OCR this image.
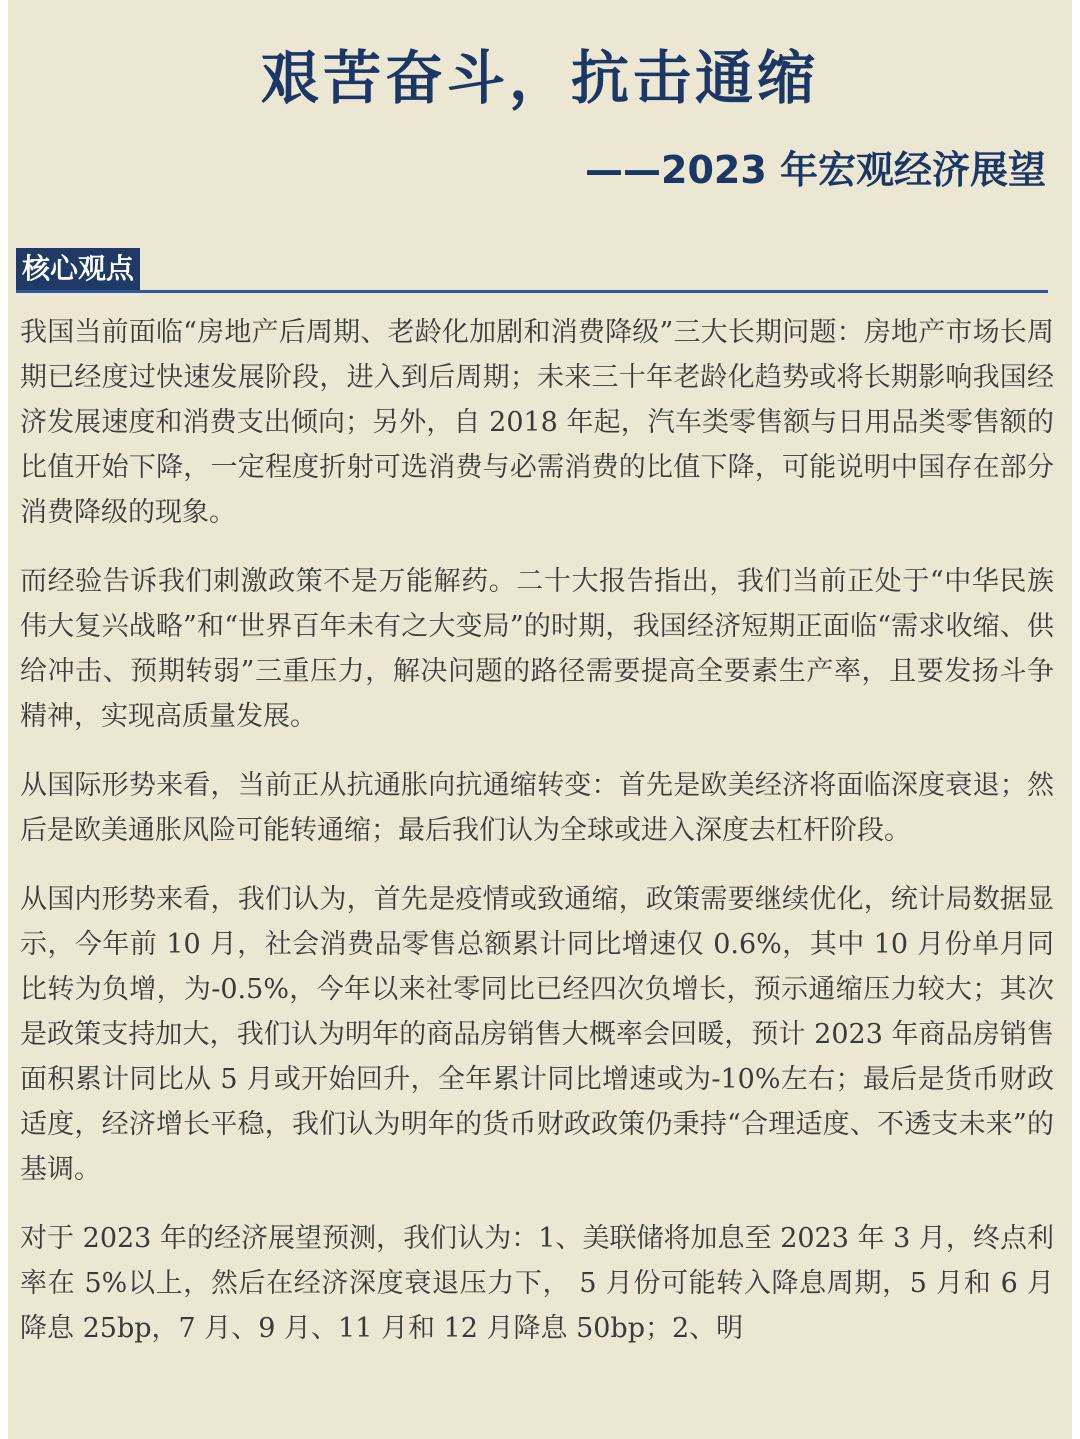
艰苦奋斗，抗击通缩
——2023 年宏观经济展望
核心观点

我国当前面临“房地产后周期、老龄化加剧和消费降级”三大长期问题：房地产市场长周期已经度过快速发展阶段，进入到后周期；未来三十年老龄化趋势或将长期影响我国经济发展速度和消费支出倾向；另外，自 2018 年起，汽车类零售额与日用品类零售额的比值开始下降，一定程度折射可选消费与必需消费的比值下降，可能说明中国存在部分消费降级的现象。

而经验告诉我们刺激政策不是万能解药。二十大报告指出，我们当前正处于“中华民族伟大复兴战略”和“世界百年未有之大变局”的时期，我国经济短期正面临“需求收缩、供给冲击、预期转弱”三重压力，解决问题的路径需要提高全要素生产率，且要发扬斗争精神，实现高质量发展。

从国际形势来看，当前正从抗通胀向抗通缩转变：首先是欧美经济将面临深度衰退；然后是欧美通胀风险可能转通缩；最后我们认为全球或进入深度去杠杆阶段。

从国内形势来看，我们认为，首先是疫情或致通缩，政策需要继续优化，统计局数据显示，今年前 10 月，社会消费品零售总额累计同比增速仅 0.6%，其中 10 月份单月同比转为负增，为-0.5%，今年以来社零同比已经四次负增长，预示通缩压力较大；其次是政策支持加大，我们认为明年的商品房销售大概率会回暖，预计 2023 年商品房销售面积累计同比从 5 月或开始回升，全年累计同比增速或为-10%左右；最后是货币财政适度，经济增长平稳，我们认为明年的货币财政政策仍秉持“合理适度、不透支未来”的基调。

对于 2023 年的经济展望预测，我们认为：1、美联储将加息至 2023 年 3 月，终点利率在 5%以上，然后在经济深度衰退压力下， 5 月份可能转入降息周期，5 月和 6 月降息 25bp，7 月、9 月、11 月和 12 月降息 50bp；2、明
